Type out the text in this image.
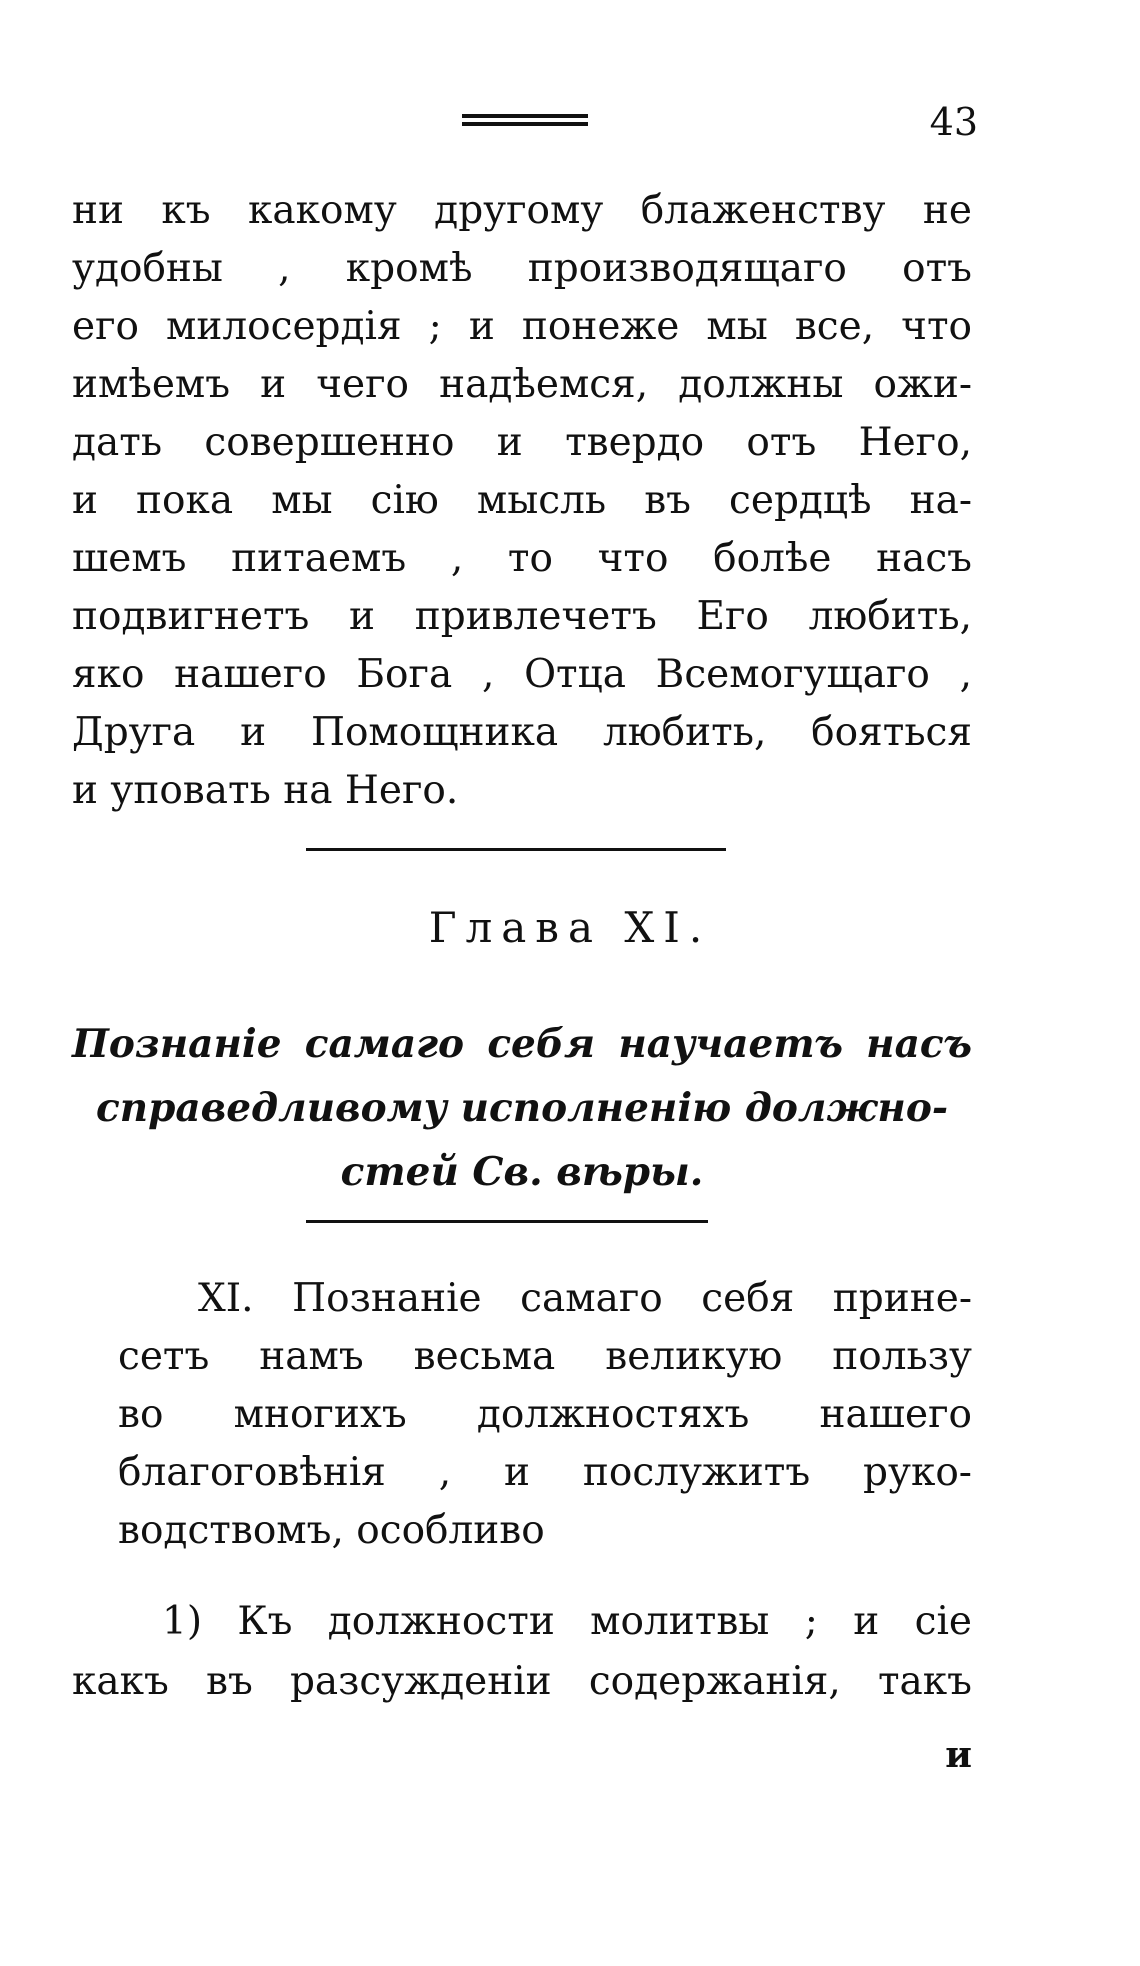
43
ни къ какому другому блаженству не
удобны , кромѣ производящаго отъ
его милосердія ; и понеже мы все, что
имѣемъ и чего надѣемся, должны ожи-
дать совершенно и твердо отъ Него,
и пока мы сію мысль въ сердцѣ на-
шемъ питаемъ , то что болѣе насъ
подвигнетъ и привлечетъ Его любить,
яко нашего Бога , Отца Всемогущаго ,
Друга и Помощника любить, бояться
и уповать на Него.
Глава XI.
Познаніе самаго себя научаетъ насъ
справедливому исполненію должно-
стей Св. вѣры.
XI. Познаніе самаго себя прине-
сетъ намъ весьма великую пользу
во многихъ должностяхъ нашего
благоговѣнія , и послужитъ руко-
водствомъ, особливо
1) Къ должности молитвы ; и сіе
какъ въ разсужденіи содержанія, такъ
и
